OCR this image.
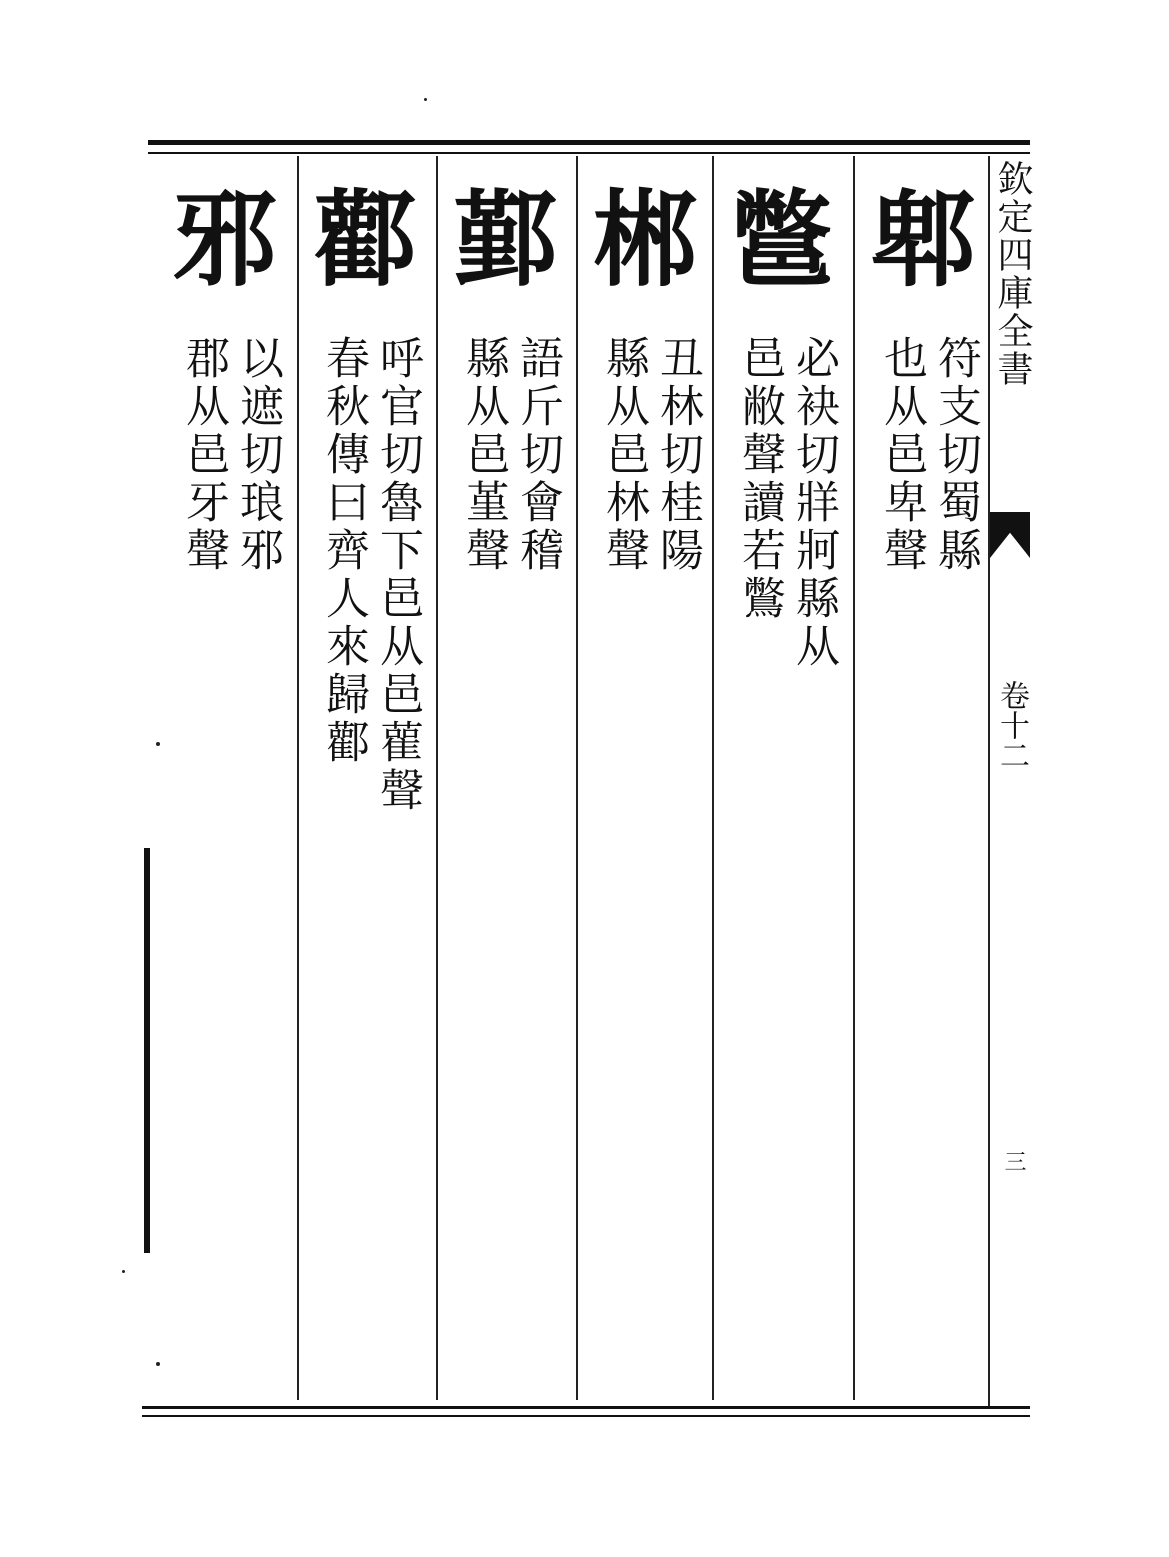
欽定四庫全書
卷十二
三
郫
符支切蜀縣
也从邑卑聲
鄨
必袂切牂牁縣从
邑敝聲讀若鷩
郴
丑林切桂陽
縣从邑林聲
鄞
語斤切會稽
縣从邑堇聲
酄
呼官切魯下邑从邑雚聲
春秋傳曰齊人來歸酄
邪
以遮切琅邪
郡从邑牙聲
